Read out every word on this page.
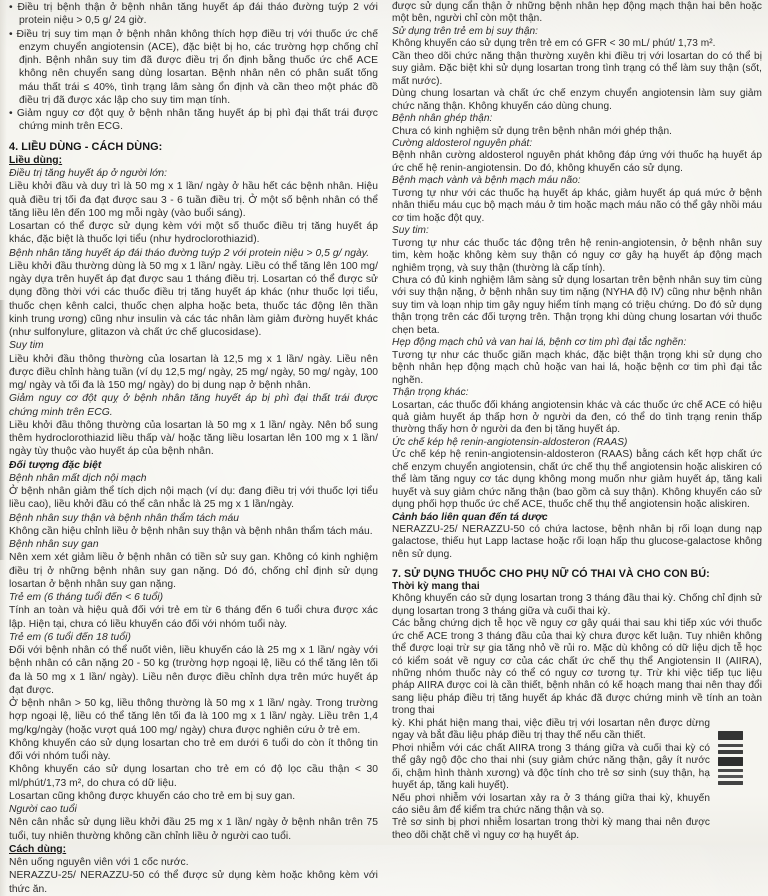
• Điều trị bệnh thận ở bệnh nhân tăng huyết áp đái tháo đường tuýp 2 với protein niệu > 0,5 g/ 24 giờ.

• Điều trị suy tim mạn ở bệnh nhân không thích hợp điều trị với thuốc ức chế enzym chuyển angiotensin (ACE), đặc biệt bị ho, các trường hợp chống chỉ định. Bệnh nhân suy tim đã được điều trị ổn định bằng thuốc ức chế ACE không nên chuyển sang dùng losartan. Bệnh nhân nên có phân suất tống máu thất trái ≤ 40%, tình trạng lâm sàng ổn định và cần theo một phác đồ điều trị đã được xác lập cho suy tim mạn tính.

• Giảm nguy cơ đột quỵ ở bệnh nhân tăng huyết áp bị phì đại thất trái được chứng minh trên ECG.

4. LIỀU DÙNG - CÁCH DÙNG:

Liều dùng:

Điều trị tăng huyết áp ở người lớn:

Liều khởi đầu và duy trì là 50 mg x 1 lần/ ngày ở hầu hết các bệnh nhân. Hiệu quả điều trị tối đa đạt được sau 3 - 6 tuần điều trị. Ở một số bệnh nhân có thể tăng liều lên đến 100 mg mỗi ngày (vào buổi sáng).

Losartan có thể được sử dụng kèm với một số thuốc điều trị tăng huyết áp khác, đặc biệt là thuốc lợi tiểu (như hydroclorothiazid).

Bệnh nhân tăng huyết áp đái tháo đường tuýp 2 với protein niệu > 0,5 g/ ngày.

Liều khởi đầu thường dùng là 50 mg x 1 lần/ ngày. Liều có thể tăng lên 100 mg/ ngày dựa trên huyết áp đạt được sau 1 tháng điều trị. Losartan có thể được sử dụng đồng thời với các thuốc điều trị tăng huyết áp khác (như thuốc lợi tiểu, thuốc chẹn kênh calci, thuốc chẹn alpha hoặc beta, thuốc tác động lên thần kinh trung ương) cũng như insulin và các tác nhân làm giảm đường huyết khác (như sulfonylure, glitazon và chất ức chế glucosidase).

Suy tim

Liều khởi đầu thông thường của losartan là 12,5 mg x 1 lần/ ngày. Liều nên được điều chỉnh hàng tuần (ví dụ 12,5 mg/ ngày, 25 mg/ ngày, 50 mg/ ngày, 100 mg/ ngày và tối đa là 150 mg/ ngày) do bị dung nạp ở bệnh nhân.

Giảm nguy cơ đột quỵ ở bệnh nhân tăng huyết áp bị phì đại thất trái được chứng minh trên ECG.

Liều khởi đầu thông thường của losartan là 50 mg x 1 lần/ ngày. Nên bổ sung thêm hydroclorothiazid liều thấp và/ hoặc tăng liều losartan lên 100 mg x 1 lần/ ngày tùy thuộc vào huyết áp của bệnh nhân.

Đối tượng đặc biệt

Bệnh nhân mất dịch nội mạch

Ở bệnh nhân giảm thể tích dịch nội mạch (ví dụ: đang điều trị với thuốc lợi tiểu liều cao), liều khởi đầu có thể cân nhắc là 25 mg x 1 lần/ngày.

Bệnh nhân suy thận và bệnh nhân thẩm tách máu

Không cần hiệu chỉnh liều ở bệnh nhân suy thận và bệnh nhân thẩm tách máu.

Bệnh nhân suy gan

Nên xem xét giảm liều ở bệnh nhân có tiền sử suy gan. Không có kinh nghiệm điều trị ở những bệnh nhân suy gan nặng. Dó đó, chống chỉ định sử dụng losartan ở bệnh nhân suy gan nặng.

Trẻ em (6 tháng tuổi đến < 6 tuổi)

Tính an toàn và hiệu quả đối với trẻ em từ 6 tháng đến 6 tuổi chưa được xác lập. Hiện tại, chưa có liều khuyến cáo đối với nhóm tuổi này.

Trẻ em (6 tuổi đến 18 tuổi)

Đối với bệnh nhân có thể nuốt viên, liều khuyến cáo là 25 mg x 1 lần/ ngày với bệnh nhân có cân nặng 20 - 50 kg (trường hợp ngoại lệ, liều có thể tăng lên tối đa là 50 mg x 1 lần/ ngày). Liều nên được điều chỉnh dựa trên mức huyết áp đạt được.

Ở bệnh nhân > 50 kg, liều thông thường là 50 mg x 1 lần/ ngày. Trong trường hợp ngoại lệ, liều có thể tăng lên tối đa là 100 mg x 1 lần/ ngày. Liều trên 1,4 mg/kg/ngày (hoặc vượt quá 100 mg/ ngày) chưa được nghiên cứu ở trẻ em.

Không khuyến cáo sử dụng losartan cho trẻ em dưới 6 tuổi do còn ít thông tin đối với nhóm tuổi này.

Không khuyến cáo sử dụng losartan cho trẻ em có độ lọc cầu thận < 30 ml/phút/1,73 m², do chưa có dữ liệu.

Losartan cũng không được khuyến cáo cho trẻ em bị suy gan.

Người cao tuổi

Nên cân nhắc sử dụng liều khởi đầu 25 mg x 1 lần/ ngày ở bệnh nhân trên 75 tuổi, tuy nhiên thường không cần chỉnh liều ở người cao tuổi.

Cách dùng:

Nên uống nguyên viên với 1 cốc nước.

NERAZZU-25/ NERAZZU-50 có thể được sử dụng kèm hoặc không kèm với thức ăn.

được sử dụng cẩn thận ở những bệnh nhân hẹp động mạch thận hai bên hoặc một bên, người chỉ còn một thận.

Sử dụng trên trẻ em bị suy thận:

Không khuyến cáo sử dụng trên trẻ em có GFR < 30 mL/ phút/ 1,73 m².

Cần theo dõi chức năng thận thường xuyên khi điều trị với losartan do có thể bị suy giảm. Đặc biệt khi sử dụng losartan trong tình trạng có thể làm suy thận (sốt, mất nước).

Dùng chung losartan và chất ức chế enzym chuyển angiotensin làm suy giảm chức năng thận. Không khuyến cáo dùng chung.

Bệnh nhân ghép thận:

Chưa có kinh nghiệm sử dụng trên bệnh nhân mới ghép thận.

Cường aldosterol nguyên phát:

Bệnh nhân cường aldosterol nguyên phát không đáp ứng với thuốc hạ huyết áp ức chế hệ renin-angiotensin. Do đó, không khuyến cáo sử dụng.

Bệnh mạch vành và bệnh mạch máu não:

Tương tự như với các thuốc hạ huyết áp khác, giảm huyết áp quá mức ở bệnh nhân thiếu máu cục bộ mạch máu ở tim hoặc mạch máu não có thể gây nhồi máu cơ tim hoặc đột quỵ.

Suy tim:

Tương tự như các thuốc tác động trên hệ renin-angiotensin, ở bệnh nhân suy tim, kèm hoặc không kèm suy thận có nguy cơ gây hạ huyết áp động mạch nghiêm trọng, và suy thận (thường là cấp tính).

Chưa có đủ kinh nghiệm lâm sàng sử dụng losartan trên bệnh nhân suy tim cùng với suy thận nặng, ở bệnh nhân suy tim nặng (NYHA độ IV) cũng như bệnh nhân suy tim và loạn nhịp tim gây nguy hiểm tính mạng có triệu chứng. Do đó sử dụng thận trọng trên các đối tượng trên. Thận trọng khi dùng chung losartan với thuốc chẹn beta.

Hẹp động mạch chủ và van hai lá, bệnh cơ tim phì đại tắc nghẽn:

Tương tự như các thuốc giãn mạch khác, đặc biệt thận trọng khi sử dụng cho bệnh nhân hẹp động mạch chủ hoặc van hai lá, hoặc bệnh cơ tim phì đại tắc nghẽn.

Thận trọng khác:

Losartan, các thuốc đối kháng angiotensin khác và các thuốc ức chế ACE có hiệu quả giảm huyết áp thấp hơn ở người da đen, có thể do tình trạng renin thấp thường thấy hơn ở người da đen bị tăng huyết áp.

Ức chế kép hệ renin-angiotensin-aldosteron (RAAS)

Ức chế kép hệ renin-angiotensin-aldosteron (RAAS) bằng cách kết hợp chất ức chế enzym chuyển angiotensin, chất ức chế thụ thể angiotensin hoặc aliskiren có thể làm tăng nguy cơ tác dụng không mong muốn như giảm huyết áp, tăng kali huyết và suy giảm chức năng thận (bao gồm cả suy thận). Không khuyến cáo sử dụng phối hợp thuốc ức chế ACE, thuốc chế thụ thể angiotensin hoặc aliskiren.

Cảnh báo liên quan đến tá dược

NERAZZU-25/ NERAZZU-50 có chứa lactose, bệnh nhân bị rối loạn dung nạp galactose, thiếu hụt Lapp lactase hoặc rối loạn hấp thu glucose-galactose không nên sử dụng.

7. SỬ DỤNG THUỐC CHO PHỤ NỮ CÓ THAI VÀ CHO CON BÚ:

Thời kỳ mang thai

Không khuyến cáo sử dụng losartan trong 3 tháng đầu thai kỳ. Chống chỉ định sử dụng losartan trong 3 tháng giữa và cuối thai kỳ.

Các bằng chứng dịch tễ học về nguy cơ gây quái thai sau khi tiếp xúc với thuốc ức chế ACE trong 3 tháng đầu của thai kỳ chưa được kết luận. Tuy nhiên không thể được loại trừ sự gia tăng nhỏ về rủi ro. Mặc dù không có dữ liệu dịch tễ học có kiểm soát về nguy cơ của các chất ức chế thụ thể Angiotensin II (AIIRA), những nhóm thuốc này có thể có nguy cơ tương tự. Trừ khi việc tiếp tục liệu pháp AIIRA được coi là cần thiết, bệnh nhân có kế hoạch mang thai nên thay đổi sang liệu pháp điều trị tăng huyết áp khác đã được chứng minh về tính an toàn trong thai

kỳ. Khi phát hiện mang thai, việc điều trị với losartan nên được dừng ngay và bắt đầu liệu pháp điều trị thay thế nếu cần thiết.

Phơi nhiễm với các chất AIIRA trong 3 tháng giữa và cuối thai kỳ có thể gây ngộ độc cho thai nhi (suy giảm chức năng thận, gây ít nước ối, chậm hình thành xương) và độc tính cho trẻ sơ sinh (suy thận, hạ huyết áp, tăng kali huyết).

Nếu phơi nhiễm với losartan xảy ra ở 3 tháng giữa thai kỳ, khuyến cáo siêu âm để kiểm tra chức năng thận và sọ.

Trẻ sơ sinh bị phơi nhiễm losartan trong thời kỳ mang thai nên được theo dõi chặt chẽ vì nguy cơ hạ huyết áp.
